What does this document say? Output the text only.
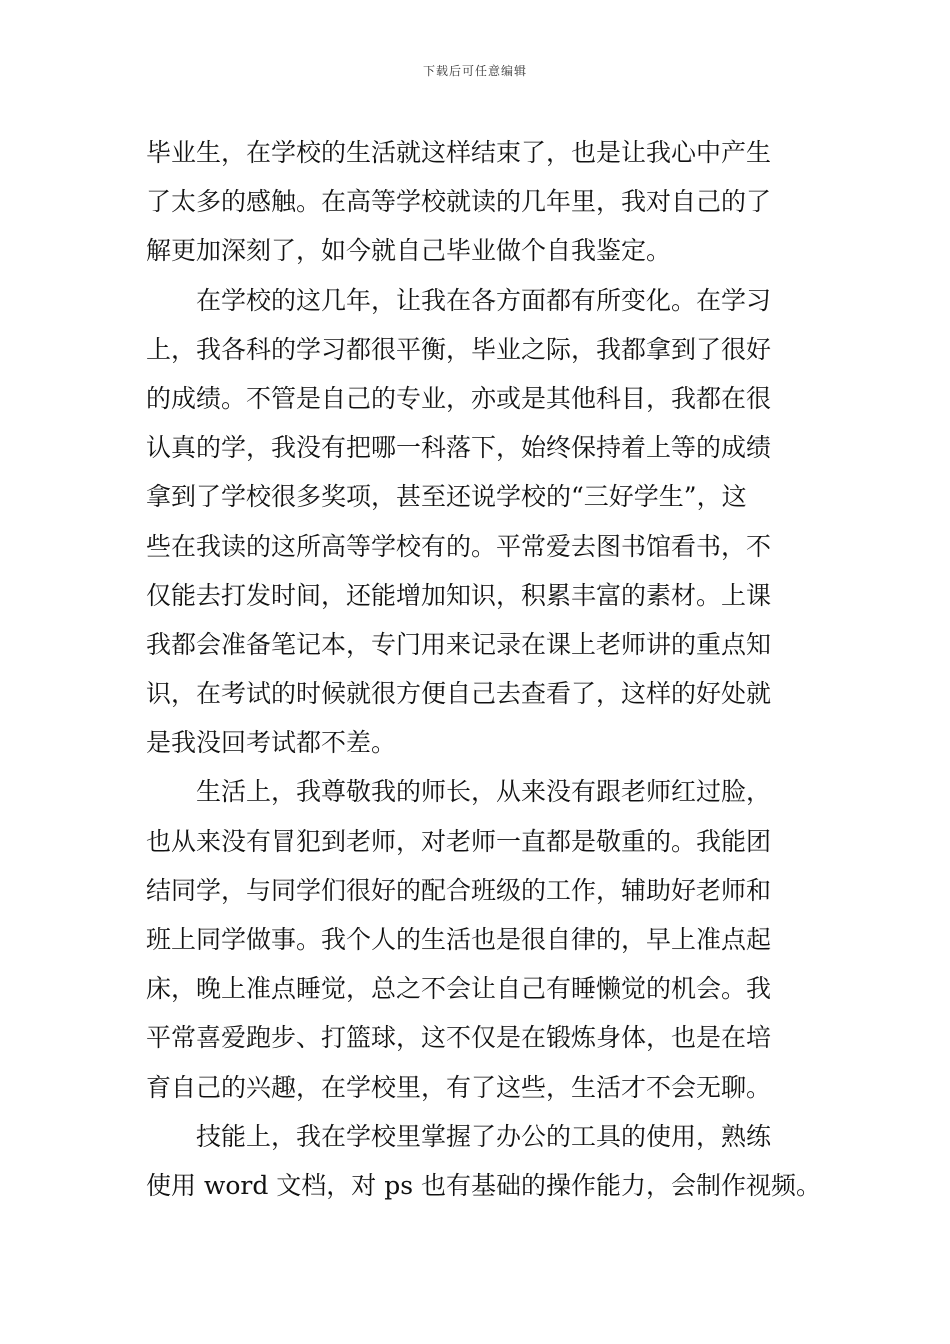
下载后可任意编辑
毕业生，在学校的生活就这样结束了，也是让我心中产生
了太多的感触。在高等学校就读的几年里，我对自己的了
解更加深刻了，如今就自己毕业做个自我鉴定。
　　在学校的这几年，让我在各方面都有所变化。在学习
上，我各科的学习都很平衡，毕业之际，我都拿到了很好
的成绩。不管是自己的专业，亦或是其他科目，我都在很
认真的学，我没有把哪一科落下，始终保持着上等的成绩
拿到了学校很多奖项，甚至还说学校的“三好学生”，这
些在我读的这所高等学校有的。平常爱去图书馆看书，不
仅能去打发时间，还能增加知识，积累丰富的素材。上课
我都会准备笔记本，专门用来记录在课上老师讲的重点知
识，在考试的时候就很方便自己去查看了，这样的好处就
是我没回考试都不差。
　　生活上，我尊敬我的师长，从来没有跟老师红过脸，
也从来没有冒犯到老师，对老师一直都是敬重的。我能团
结同学，与同学们很好的配合班级的工作，辅助好老师和
班上同学做事。我个人的生活也是很自律的，早上准点起
床，晚上准点睡觉，总之不会让自己有睡懒觉的机会。我
平常喜爱跑步、打篮球，这不仅是在锻炼身体，也是在培
育自己的兴趣，在学校里，有了这些，生活才不会无聊。
　　技能上，我在学校里掌握了办公的工具的使用，熟练
使用 word 文档，对 ps 也有基础的操作能力，会制作视频。
